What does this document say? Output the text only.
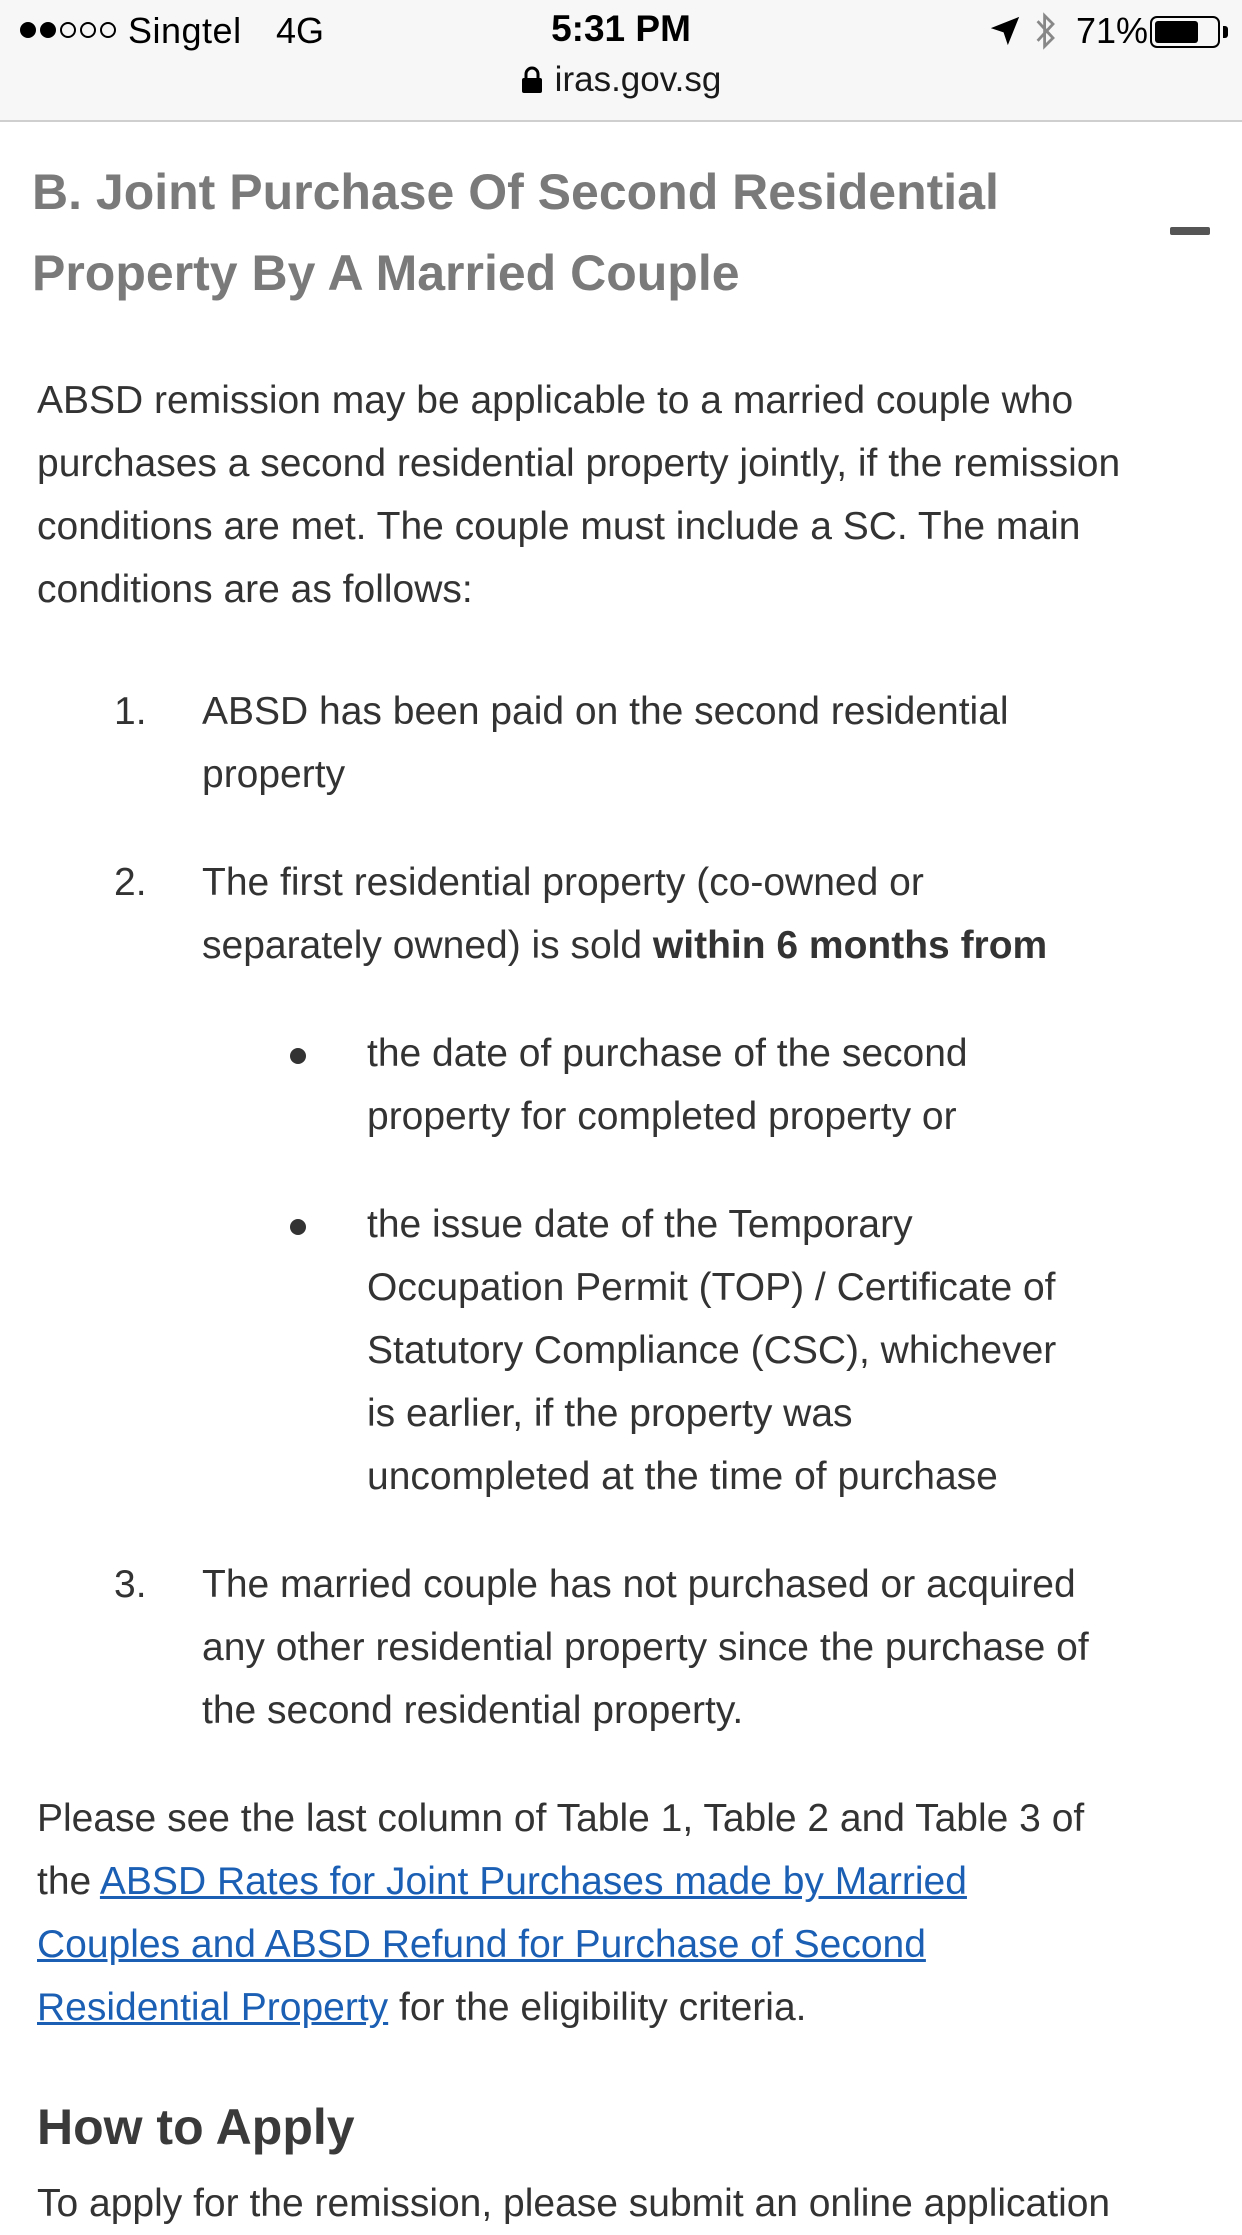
Singtel 4G	5:31 PM	71%
iras.gov.sg
B. Joint Purchase Of Second Residential
Property By A Married Couple

ABSD remission may be applicable to a married couple who
purchases a second residential property jointly, if the remission
conditions are met. The couple must include a SC. The main
conditions are as follows:

1. ABSD has been paid on the second residential
property
2. The first residential property (co-owned or
separately owned) is sold within 6 months from
the date of purchase of the second
property for completed property or
the issue date of the Temporary
Occupation Permit (TOP) / Certificate of
Statutory Compliance (CSC), whichever
is earlier, if the property was
uncompleted at the time of purchase
3. The married couple has not purchased or acquired
any other residential property since the purchase of
the second residential property.

Please see the last column of Table 1, Table 2 and Table 3 of
the ABSD Rates for Joint Purchases made by Married
Couples and ABSD Refund for Purchase of Second
Residential Property for the eligibility criteria.

How to Apply
To apply for the remission, please submit an online application
